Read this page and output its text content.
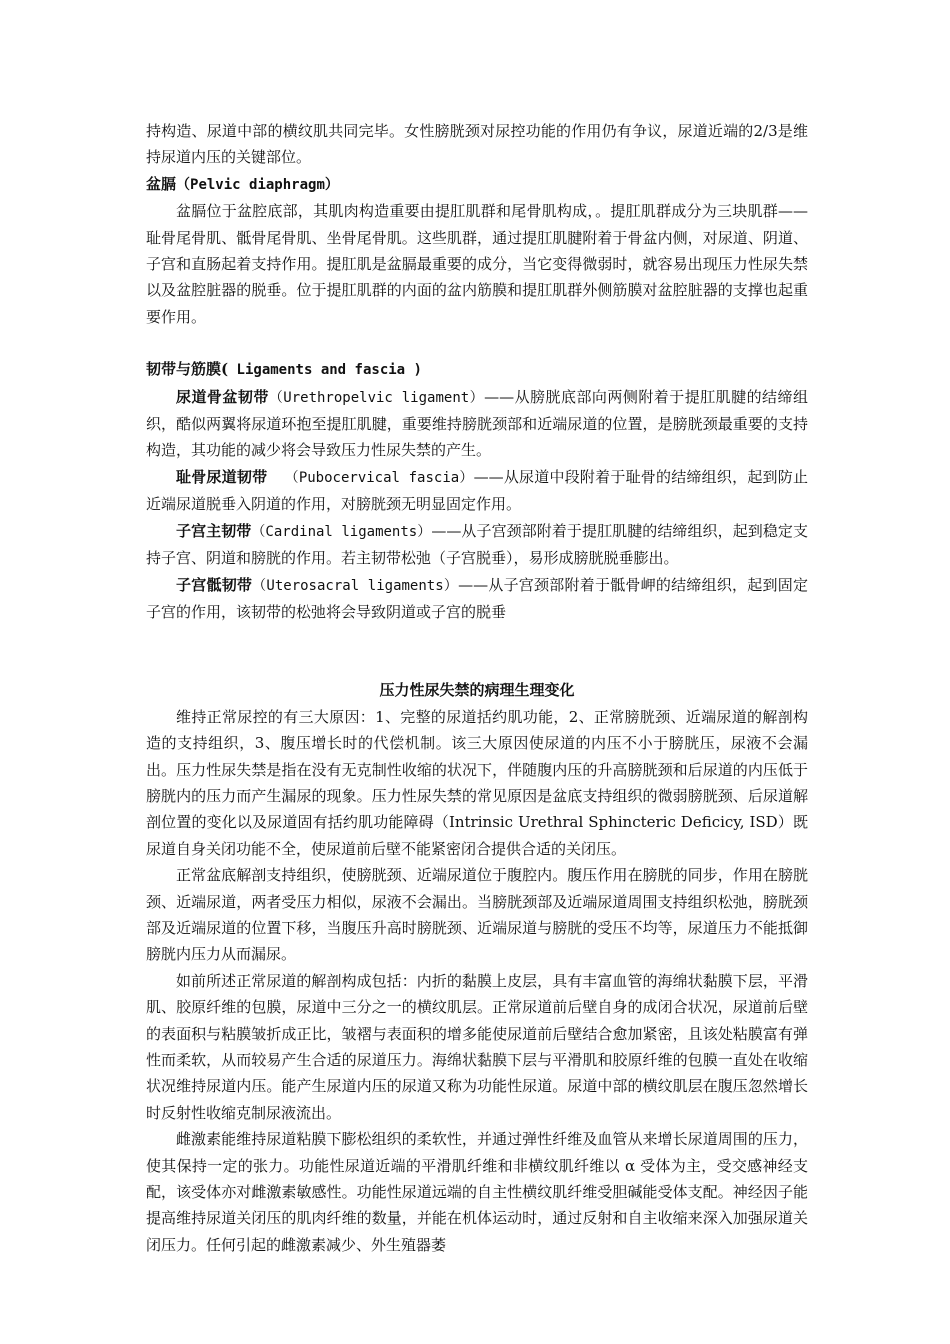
持构造、尿道中部的横纹肌共同完毕。女性膀胱颈对尿控功能的作用仍有争议，尿道近端的2/3是维持尿道内压的关键部位。

盆膈（Pelvic diaphragm）

盆膈位于盆腔底部，其肌肉构造重要由提肛肌群和尾骨肌构成，。提肛肌群成分为三块肌群——耻骨尾骨肌、骶骨尾骨肌、坐骨尾骨肌。这些肌群，通过提肛肌腱附着于骨盆内侧，对尿道、阴道、子宫和直肠起着支持作用。提肛肌是盆膈最重要的成分，当它变得微弱时，就容易出现压力性尿失禁以及盆腔脏器的脱垂。位于提肛肌群的内面的盆内筋膜和提肛肌群外侧筋膜对盆腔脏器的支撑也起重要作用。

韧带与筋膜( Ligaments and fascia )

尿道骨盆韧带（Urethropelvic ligament）——从膀胱底部向两侧附着于提肛肌腱的结缔组织，酷似两翼将尿道环抱至提肛肌腱，重要维持膀胱颈部和近端尿道的位置，是膀胱颈最重要的支持构造，其功能的减少将会导致压力性尿失禁的产生。

耻骨尿道韧带  （Pubocervical fascia）——从尿道中段附着于耻骨的结缔组织，起到防止近端尿道脱垂入阴道的作用，对膀胱颈无明显固定作用。

子宫主韧带（Cardinal ligaments）——从子宫颈部附着于提肛肌腱的结缔组织，起到稳定支持子宫、阴道和膀胱的作用。若主韧带松弛（子宫脱垂），易形成膀胱脱垂膨出。

子宫骶韧带（Uterosacral ligaments）——从子宫颈部附着于骶骨岬的结缔组织，起到固定子宫的作用，该韧带的松弛将会导致阴道或子宫的脱垂

压力性尿失禁的病理生理变化

维持正常尿控的有三大原因：1、完整的尿道括约肌功能，2、正常膀胱颈、近端尿道的解剖构造的支持组织，3、腹压增长时的代偿机制。该三大原因使尿道的内压不小于膀胱压，尿液不会漏出。压力性尿失禁是指在没有无克制性收缩的状况下，伴随腹内压的升高膀胱颈和后尿道的内压低于膀胱内的压力而产生漏尿的现象。压力性尿失禁的常见原因是盆底支持组织的微弱膀胱颈、后尿道解剖位置的变化以及尿道固有括约肌功能障碍（Intrinsic Urethral Sphincteric Deficicy, ISD）既尿道自身关闭功能不全，使尿道前后壁不能紧密闭合提供合适的关闭压。

正常盆底解剖支持组织，使膀胱颈、近端尿道位于腹腔内。腹压作用在膀胱的同步，作用在膀胱颈、近端尿道，两者受压力相似，尿液不会漏出。当膀胱颈部及近端尿道周围支持组织松弛，膀胱颈部及近端尿道的位置下移，当腹压升高时膀胱颈、近端尿道与膀胱的受压不均等，尿道压力不能抵御膀胱内压力从而漏尿。

如前所述正常尿道的解剖构成包括：内折的黏膜上皮层，具有丰富血管的海绵状黏膜下层，平滑肌、胶原纤维的包膜，尿道中三分之一的横纹肌层。正常尿道前后壁自身的成闭合状况，尿道前后壁的表面积与粘膜皱折成正比，皱褶与表面积的增多能使尿道前后壁结合愈加紧密，且该处粘膜富有弹性而柔软，从而较易产生合适的尿道压力。海绵状黏膜下层与平滑肌和胶原纤维的包膜一直处在收缩状况维持尿道内压。能产生尿道内压的尿道又称为功能性尿道。尿道中部的横纹肌层在腹压忽然增长时反射性收缩克制尿液流出。

雌激素能维持尿道粘膜下膨松组织的柔软性，并通过弹性纤维及血管从来增长尿道周围的压力，使其保持一定的张力。功能性尿道近端的平滑肌纤维和非横纹肌纤维以 α 受体为主，受交感神经支配，该受体亦对雌激素敏感性。功能性尿道远端的自主性横纹肌纤维受胆碱能受体支配。神经因子能提高维持尿道关闭压的肌肉纤维的数量，并能在机体运动时，通过反射和自主收缩来深入加强尿道关闭压力。任何引起的雌激素减少、外生殖器萎
